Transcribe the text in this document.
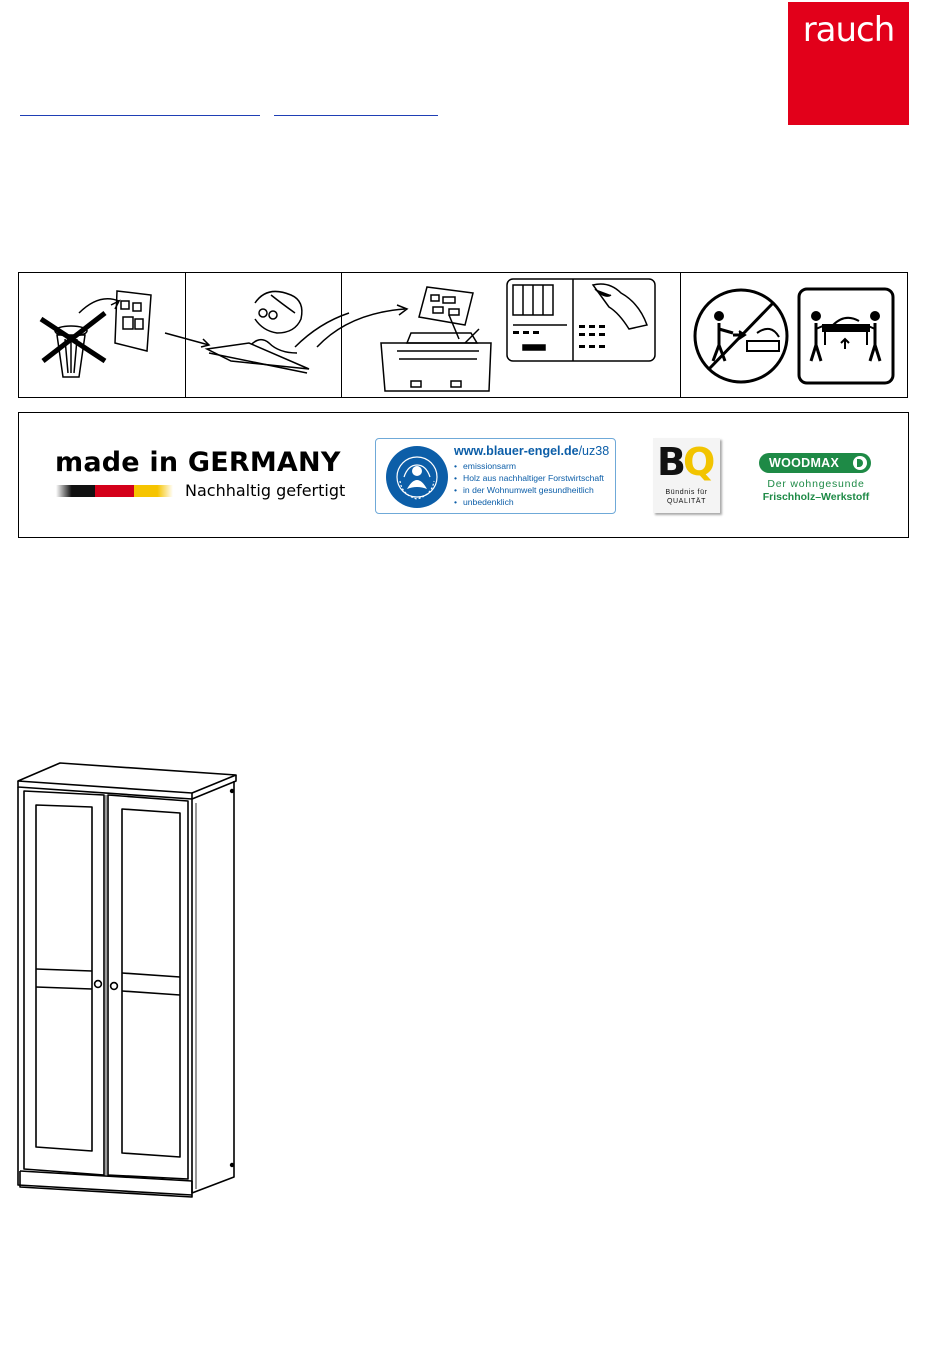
rauch
made in GERMANY
Nachhaltig gefertigt
www.blauer-engel.de/uz38
• emissionsarm
• Holz aus nachhaltiger Forstwirtschaft
• in der Wohnumwelt gesundheitlich
• unbedenklich
BQ
Bündnis für
QUALITÄT
WOODMAX
Der wohngesunde
Frischholz–Werkstoff
